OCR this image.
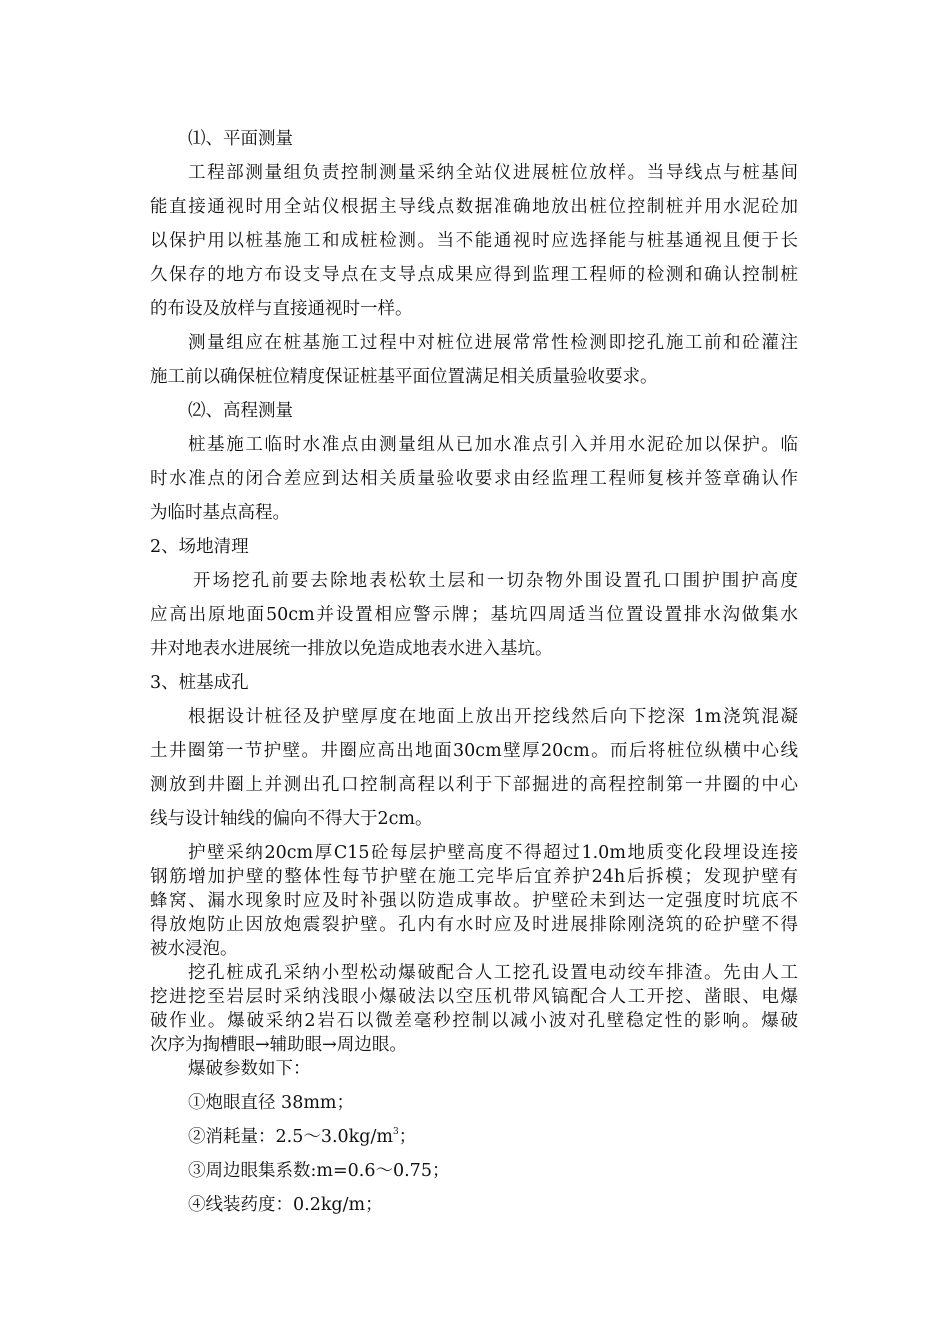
⑴、平面测量
工程部测量组负责控制测量采纳全站仪进展桩位放样。当导线点与桩基间
能直接通视时用全站仪根据主导线点数据准确地放出桩位控制桩并用水泥砼加
以保护用以桩基施工和成桩检测。当不能通视时应选择能与桩基通视且便于长
久保存的地方布设支导点在支导点成果应得到监理工程师的检测和确认控制桩
的布设及放样与直接通视时一样。
测量组应在桩基施工过程中对桩位进展常常性检测即挖孔施工前和砼灌注
施工前以确保桩位精度保证桩基平面位置满足相关质量验收要求。
⑵、高程测量
桩基施工临时水准点由测量组从已加水准点引入并用水泥砼加以保护。临
时水准点的闭合差应到达相关质量验收要求由经监理工程师复核并签章确认作
为临时基点高程。
2、场地清理
开场挖孔前要去除地表松软土层和一切杂物外围设置孔口围护围护高度
应高出原地面50cm并设置相应警示牌；基坑四周适当位置设置排水沟做集水
井对地表水进展统一排放以免造成地表水进入基坑。
3、桩基成孔
根据设计桩径及护壁厚度在地面上放出开挖线然后向下挖深 1m浇筑混凝
土井圈第一节护壁。井圈应高出地面30cm壁厚20cm。而后将桩位纵横中心线
测放到井圈上并测出孔口控制高程以利于下部掘进的高程控制第一井圈的中心
线与设计轴线的偏向不得大于2cm。
护壁采纳20cm厚C15砼每层护壁高度不得超过1.0m地质变化段埋设连接
钢筋增加护壁的整体性每节护壁在施工完毕后宜养护24h后拆模；发现护壁有
蜂窝、漏水现象时应及时补强以防造成事故。护壁砼未到达一定强度时坑底不
得放炮防止因放炮震裂护壁。孔内有水时应及时进展排除刚浇筑的砼护壁不得
被水浸泡。
挖孔桩成孔采纳小型松动爆破配合人工挖孔设置电动绞车排渣。先由人工
挖进挖至岩层时采纳浅眼小爆破法以空压机带风镐配合人工开挖、凿眼、电爆
破作业。爆破采纳2岩石以微差毫秒控制以减小波对孔壁稳定性的影响。爆破
次序为掏槽眼→辅助眼→周边眼。
爆破参数如下：
①炮眼直径 38mm；
②消耗量：$2.5\sim 3.0kg/m^3$；
③周边眼集系数:m=0.6～0.75；
④线装药度：0.2kg/m；
